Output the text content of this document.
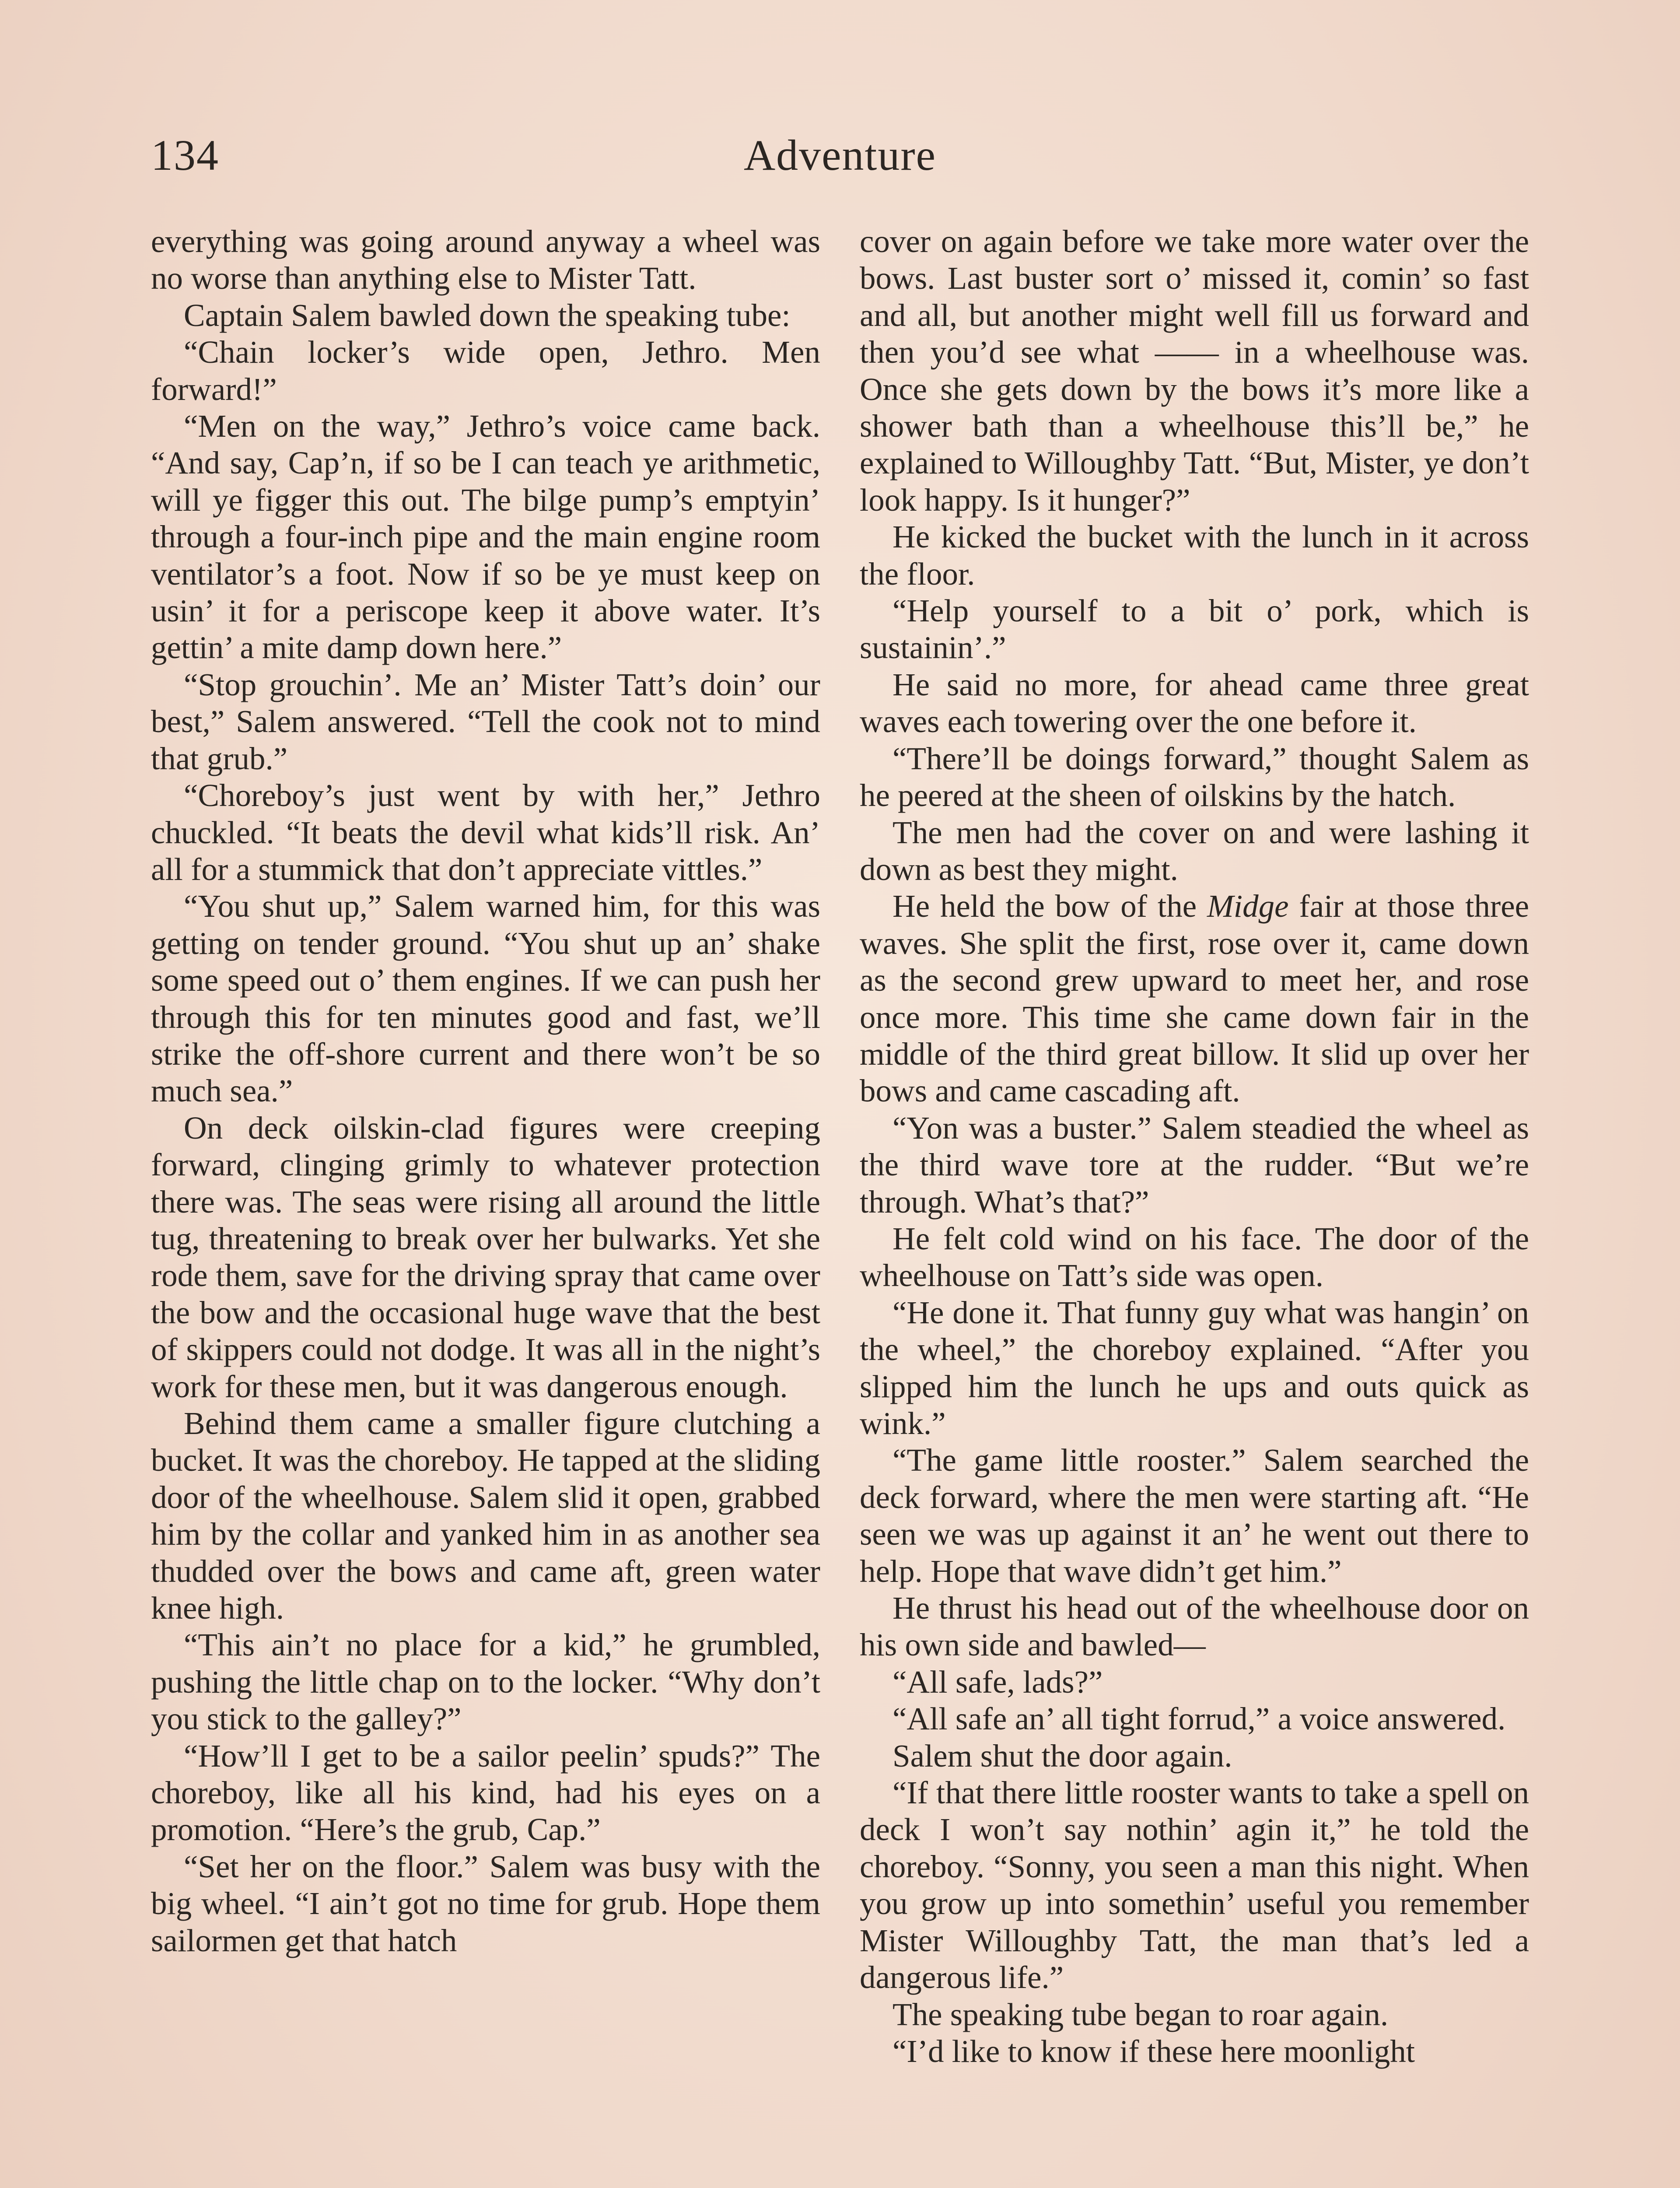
134	Adventure

everything was going around anyway a wheel was no worse than anything else to Mister Tatt.

Captain Salem bawled down the speaking tube:

“Chain locker’s wide open, Jethro. Men forward!”

“Men on the way,” Jethro’s voice came back. “And say, Cap’n, if so be I can teach ye arithmetic, will ye figger this out. The bilge pump’s emptyin’ through a four-inch pipe and the main engine room ventilator’s a foot. Now if so be ye must keep on usin’ it for a periscope keep it above water. It’s gettin’ a mite damp down here.”

“Stop grouchin’. Me an’ Mister Tatt’s doin’ our best,” Salem answered. “Tell the cook not to mind that grub.”

“Choreboy’s just went by with her,” Jethro chuckled. “It beats the devil what kids’ll risk. An’ all for a stummick that don’t appreciate vittles.”

“You shut up,” Salem warned him, for this was getting on tender ground. “You shut up an’ shake some speed out o’ them engines. If we can push her through this for ten minutes good and fast, we’ll strike the off-shore current and there won’t be so much sea.”

On deck oilskin-clad figures were creeping forward, clinging grimly to whatever protection there was. The seas were rising all around the little tug, threatening to break over her bulwarks. Yet she rode them, save for the driving spray that came over the bow and the occasional huge wave that the best of skippers could not dodge. It was all in the night’s work for these men, but it was dangerous enough.

Behind them came a smaller figure clutching a bucket. It was the choreboy. He tapped at the sliding door of the wheelhouse. Salem slid it open, grabbed him by the collar and yanked him in as another sea thudded over the bows and came aft, green water knee high.

“This ain’t no place for a kid,” he grumbled, pushing the little chap on to the locker. “Why don’t you stick to the galley?”

“How’ll I get to be a sailor peelin’ spuds?” The choreboy, like all his kind, had his eyes on a promotion. “Here’s the grub, Cap.”

“Set her on the floor.” Salem was busy with the big wheel. “I ain’t got no time for grub. Hope them sailormen get that hatch

cover on again before we take more water over the bows. Last buster sort o’ missed it, comin’ so fast and all, but another might well fill us forward and then you’d see what —— in a wheelhouse was. Once she gets down by the bows it’s more like a shower bath than a wheelhouse this’ll be,” he explained to Willoughby Tatt. “But, Mister, ye don’t look happy. Is it hunger?”

He kicked the bucket with the lunch in it across the floor.

“Help yourself to a bit o’ pork, which is sustainin’.”

He said no more, for ahead came three great waves each towering over the one before it.

“There’ll be doings forward,” thought Salem as he peered at the sheen of oilskins by the hatch.

The men had the cover on and were lashing it down as best they might.

He held the bow of the Midge fair at those three waves. She split the first, rose over it, came down as the second grew upward to meet her, and rose once more. This time she came down fair in the middle of the third great billow. It slid up over her bows and came cascading aft.

“Yon was a buster.” Salem steadied the wheel as the third wave tore at the rudder. “But we’re through. What’s that?”

He felt cold wind on his face. The door of the wheelhouse on Tatt’s side was open.

“He done it. That funny guy what was hangin’ on the wheel,” the choreboy explained. “After you slipped him the lunch he ups and outs quick as wink.”

“The game little rooster.” Salem searched the deck forward, where the men were starting aft. “He seen we was up against it an’ he went out there to help. Hope that wave didn’t get him.”

He thrust his head out of the wheelhouse door on his own side and bawled—

“All safe, lads?”

“All safe an’ all tight forrud,” a voice answered.

Salem shut the door again.

“If that there little rooster wants to take a spell on deck I won’t say nothin’ agin it,” he told the choreboy. “Sonny, you seen a man this night. When you grow up into somethin’ useful you remember Mister Willoughby Tatt, the man that’s led a dangerous life.”

The speaking tube began to roar again.

“I’d like to know if these here moonlight
